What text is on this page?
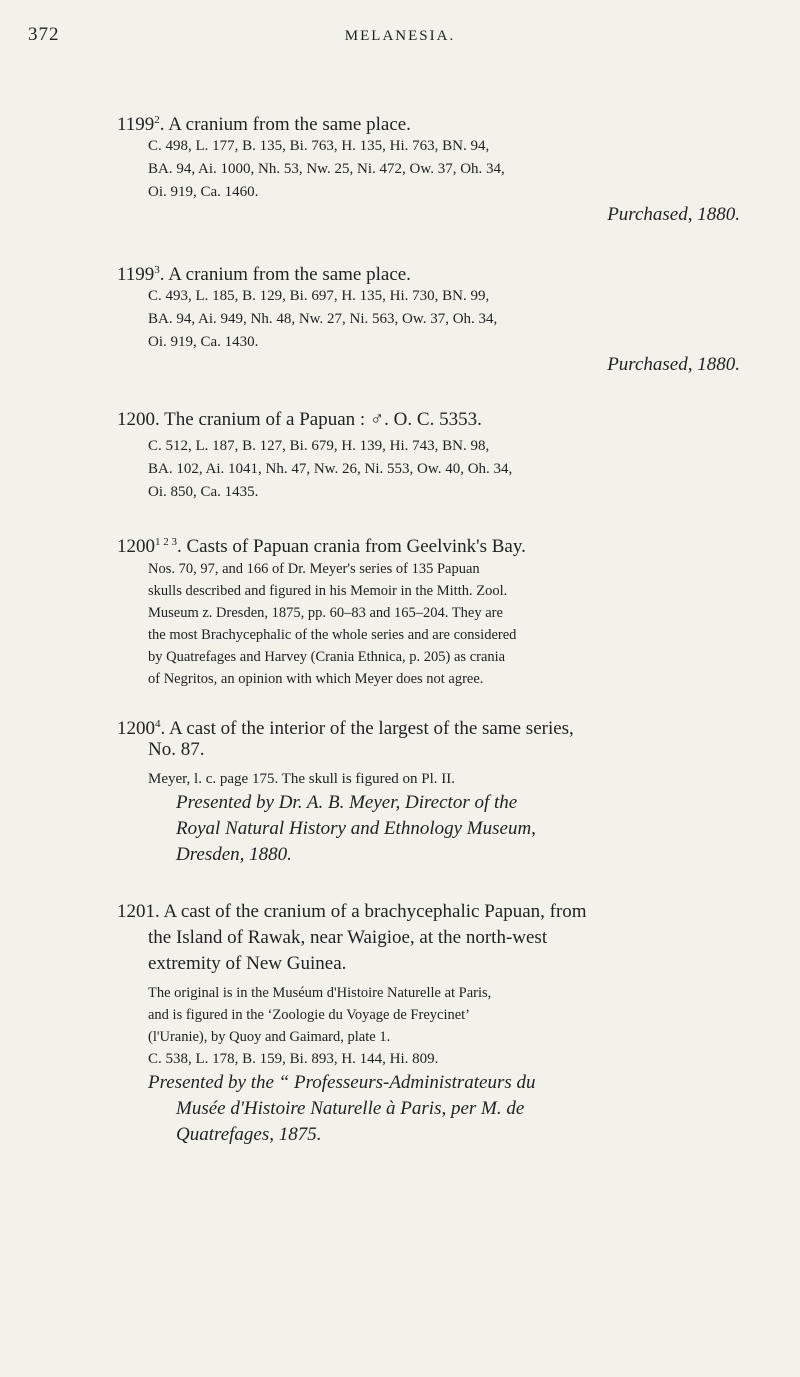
372	MELANESIA.
1199$^2$. A cranium from the same place.
C. 498, L. 177, B. 135, Bi. 763, H. 135, Hi. 763, BN. 94,
BA. 94, Ai. 1000, Nh. 53, Nw. 25, Ni. 472, Ow. 37, Oh. 34,
Oi. 919, Ca. 1460.
Purchased, 1880.
1199$^3$. A cranium from the same place.
C. 493, L. 185, B. 129, Bi. 697, H. 135, Hi. 730, BN. 99,
BA. 94, Ai. 949, Nh. 48, Nw. 27, Ni. 563, Ow. 37, Oh. 34,
Oi. 919, Ca. 1430.
Purchased, 1880.
1200. The cranium of a Papuan : ♂. O. C. 5353.
C. 512, L. 187, B. 127, Bi. 679, H. 139, Hi. 743, BN. 98,
BA. 102, Ai. 1041, Nh. 47, Nw. 26, Ni. 553, Ow. 40, Oh. 34,
Oi. 850, Ca. 1435.
$1200^{1 2 3}$. Casts of Papuan crania from Geelvink's Bay.
Nos. 70, 97, and 166 of Dr. Meyer's series of 135 Papuan
skulls described and figured in his Memoir in the Mitth. Zool.
Museum z. Dresden, 1875, pp. 60–83 and 165–204. They are
the most Brachycephalic of the whole series and are considered
by Quatrefages and Harvey (Crania Ethnica, p. 205) as crania
of Negritos, an opinion with which Meyer does not agree.
1200$^4$. A cast of the interior of the largest of the same series,
No. 87.
Meyer, l. c. page 175. The skull is figured on Pl. II.
Presented by Dr. A. B. Meyer, Director of the
Royal Natural History and Ethnology Museum,
Dresden, 1880.
1201. A cast of the cranium of a brachycephalic Papuan, from
the Island of Rawak, near Waigioe, at the north-west
extremity of New Guinea.
The original is in the Muséum d'Histoire Naturelle at Paris,
and is figured in the ‘Zoologie du Voyage de Freycinet’
(l'Uranie), by Quoy and Gaimard, plate 1.
C. 538, L. 178, B. 159, Bi. 893, H. 144, Hi. 809.
Presented by the “ Professeurs-Administrateurs du
Musée d'Histoire Naturelle à Paris, per M. de
Quatrefages, 1875.
